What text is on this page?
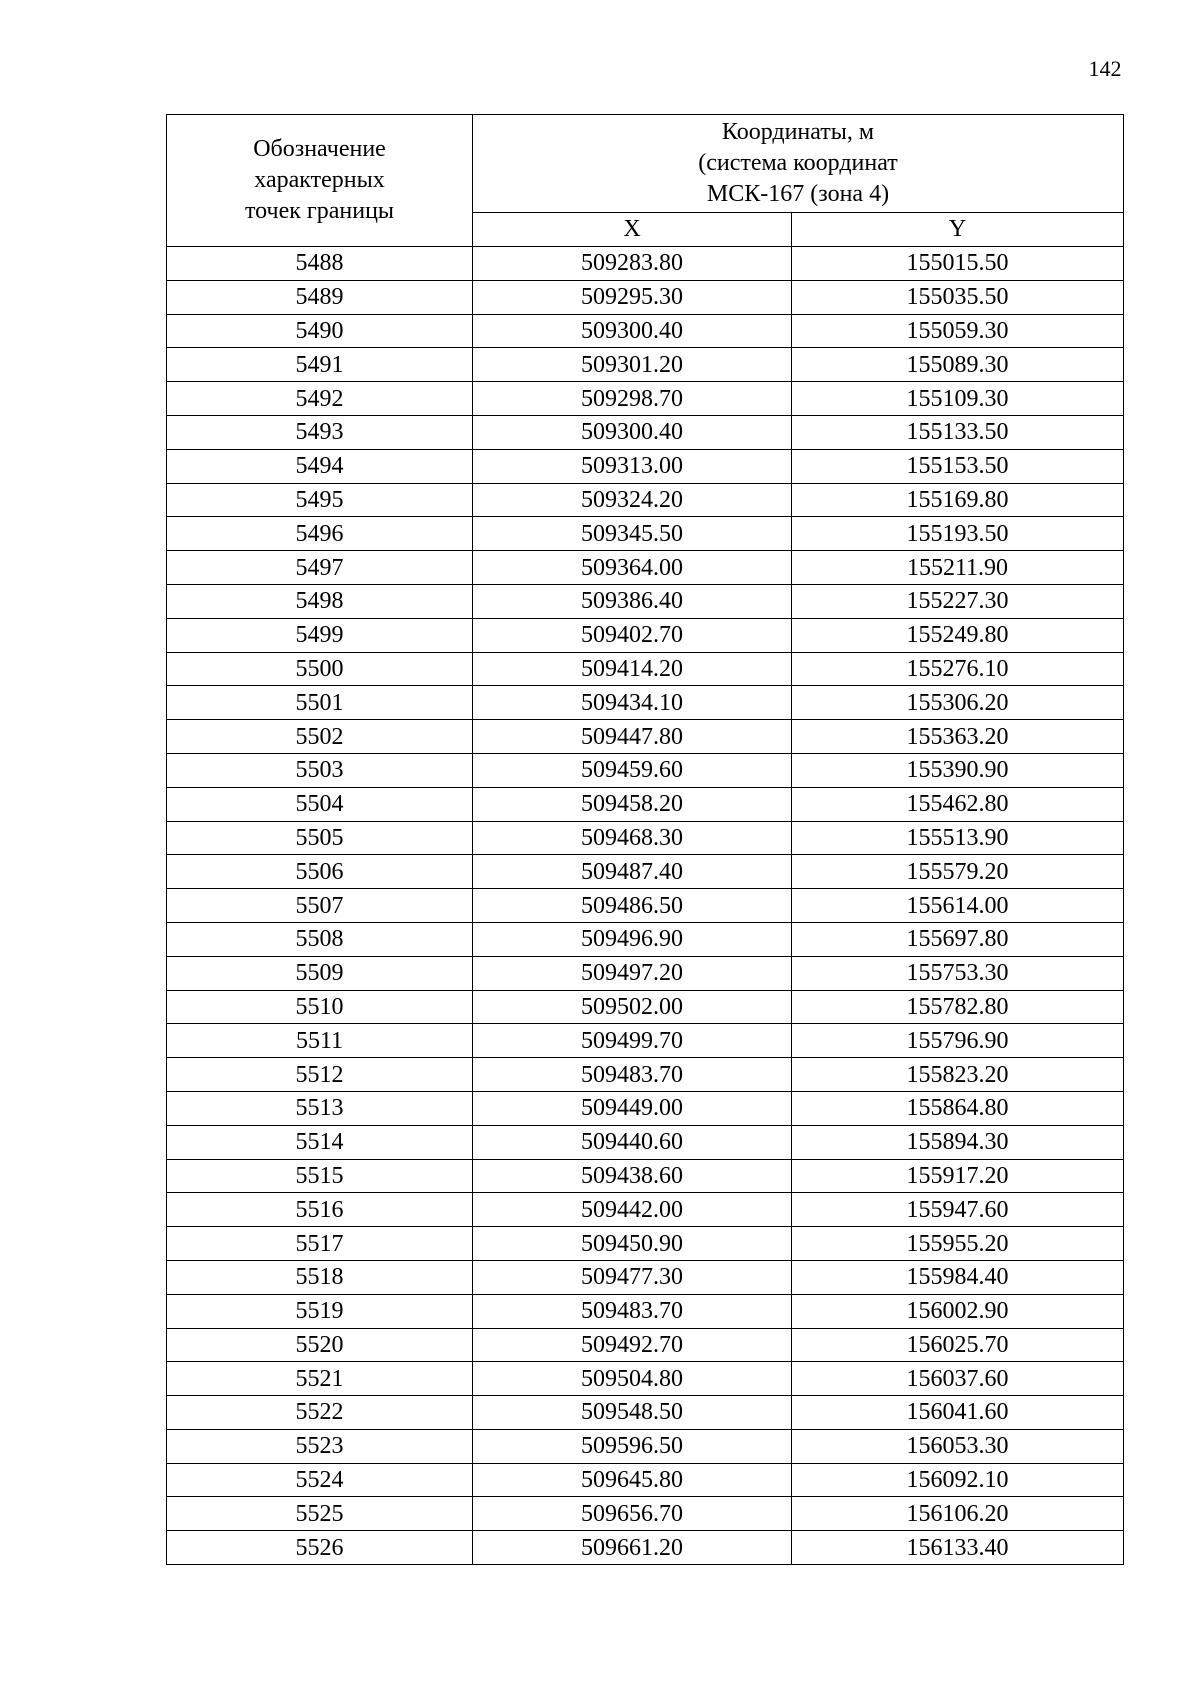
142
Обозначение
характерных
точек границы	Координаты, м
(система координат
МСК-167 (зона 4)	
	X	Y
5488	509283.80	155015.50
5489	509295.30	155035.50
5490	509300.40	155059.30
5491	509301.20	155089.30
5492	509298.70	155109.30
5493	509300.40	155133.50
5494	509313.00	155153.50
5495	509324.20	155169.80
5496	509345.50	155193.50
5497	509364.00	155211.90
5498	509386.40	155227.30
5499	509402.70	155249.80
5500	509414.20	155276.10
5501	509434.10	155306.20
5502	509447.80	155363.20
5503	509459.60	155390.90
5504	509458.20	155462.80
5505	509468.30	155513.90
5506	509487.40	155579.20
5507	509486.50	155614.00
5508	509496.90	155697.80
5509	509497.20	155753.30
5510	509502.00	155782.80
5511	509499.70	155796.90
5512	509483.70	155823.20
5513	509449.00	155864.80
5514	509440.60	155894.30
5515	509438.60	155917.20
5516	509442.00	155947.60
5517	509450.90	155955.20
5518	509477.30	155984.40
5519	509483.70	156002.90
5520	509492.70	156025.70
5521	509504.80	156037.60
5522	509548.50	156041.60
5523	509596.50	156053.30
5524	509645.80	156092.10
5525	509656.70	156106.20
5526	509661.20	156133.40
